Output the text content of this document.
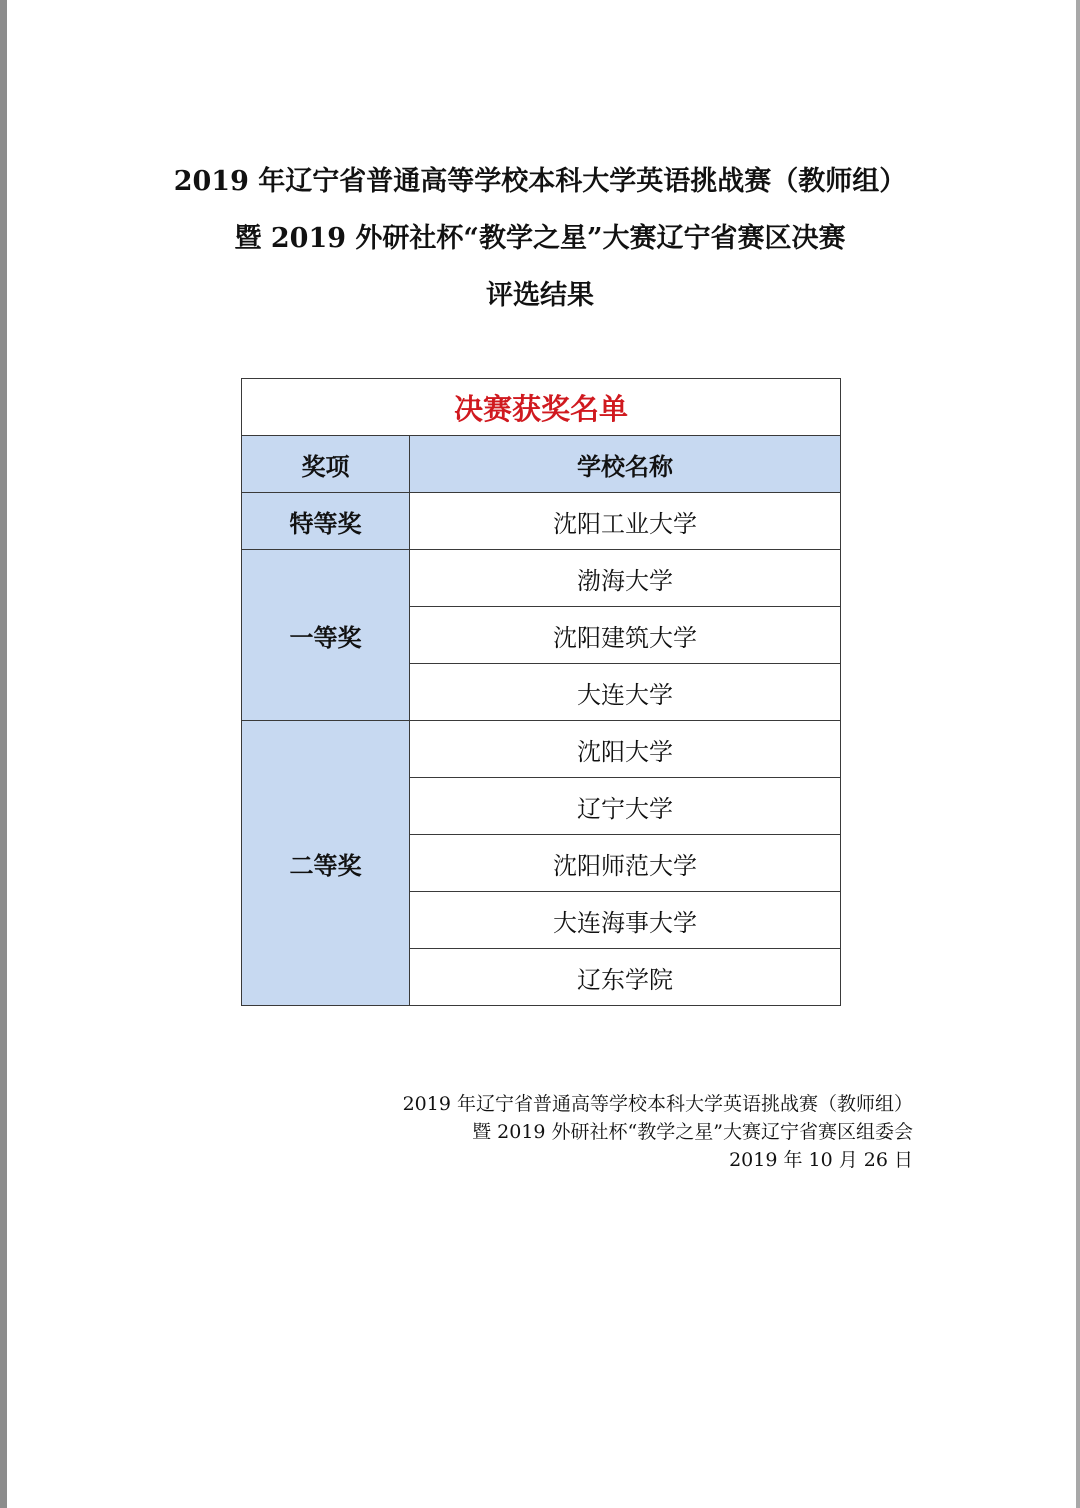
2019 年辽宁省普通高等学校本科大学英语挑战赛（教师组）
暨 2019 外研社杯“教学之星”大赛辽宁省赛区决赛
评选结果
决赛获奖名单	
奖项	学校名称
特等奖	沈阳工业大学
一等奖	渤海大学
	沈阳建筑大学
	大连大学
二等奖	沈阳大学
	辽宁大学
	沈阳师范大学
	大连海事大学
	辽东学院
2019 年辽宁省普通高等学校本科大学英语挑战赛（教师组）
暨 2019 外研社杯“教学之星”大赛辽宁省赛区组委会
2019 年 10 月 26 日
